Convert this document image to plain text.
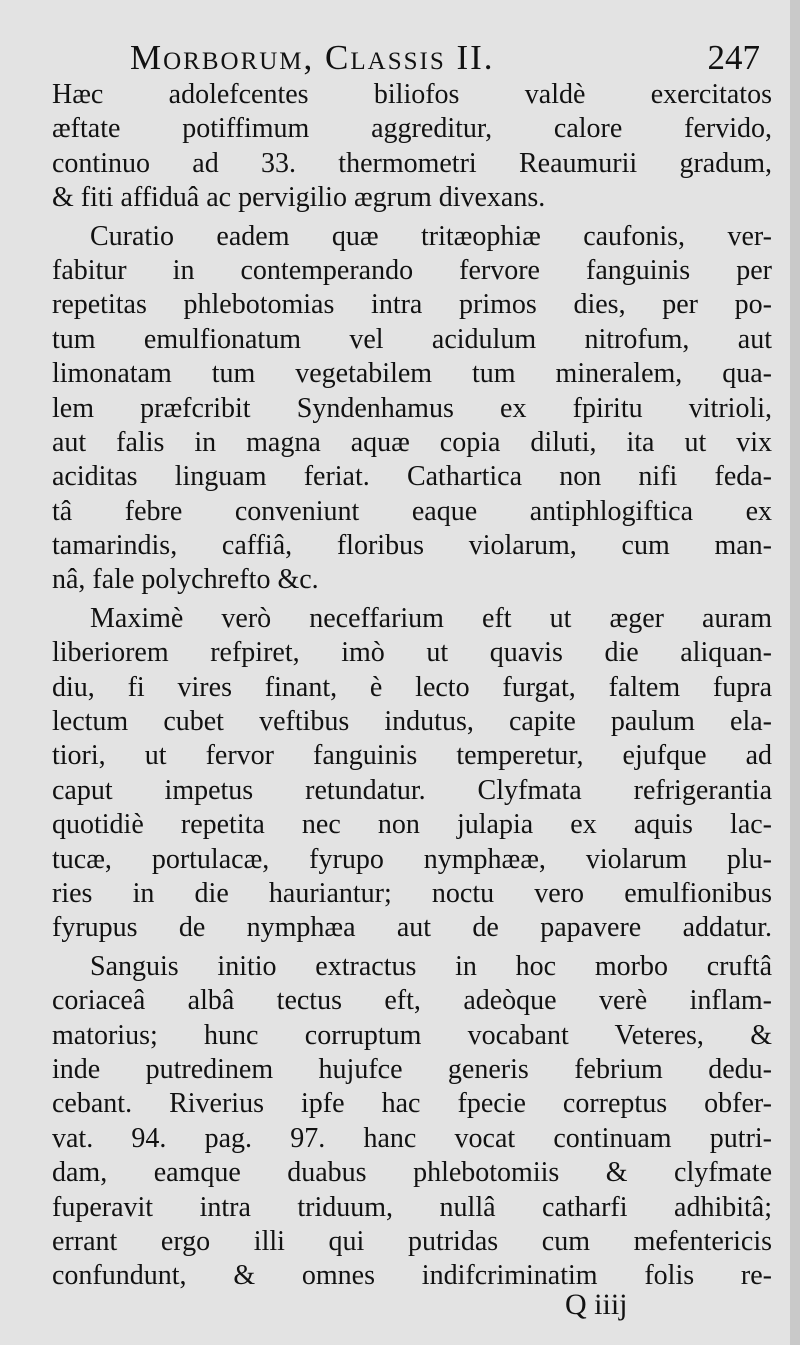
Morborum, Classis II.	247
Hæc adolefcentes biliofos valdè exercitatos
æftate potiffimum aggreditur, calore fervido,
continuo ad 33. thermometri Reaumurii gradum,
& fiti affiduâ ac pervigilio ægrum divexans.
Curatio eadem quæ tritæophiæ caufonis, ver-
fabitur in contemperando fervore fanguinis per
repetitas phlebotomias intra primos dies, per po-
tum emulfionatum vel acidulum nitrofum, aut
limonatam tum vegetabilem tum mineralem, qua-
lem præfcribit Syndenhamus ex fpiritu vitrioli,
aut falis in magna aquæ copia diluti, ita ut vix
aciditas linguam feriat. Cathartica non nifi feda-
tâ febre conveniunt eaque antiphlogiftica ex
tamarindis, caffiâ, floribus violarum, cum man-
nâ, fale polychrefto &c.
Maximè verò neceffarium eft ut æger auram
liberiorem refpiret, imò ut quavis die aliquan-
diu, fi vires finant, è lecto furgat, faltem fupra
lectum cubet veftibus indutus, capite paulum ela-
tiori, ut fervor fanguinis temperetur, ejufque ad
caput impetus retundatur. Clyfmata refrigerantia
quotidiè repetita nec non julapia ex aquis lac-
tucæ, portulacæ, fyrupo nymphææ, violarum plu-
ries in die hauriantur; noctu vero emulfionibus
fyrupus de nymphæa aut de papavere addatur.
Sanguis initio extractus in hoc morbo cruftâ
coriaceâ albâ tectus eft, adeòque verè inflam-
matorius; hunc corruptum vocabant Veteres, &
inde putredinem hujufce generis febrium dedu-
cebant. Riverius ipfe hac fpecie correptus obfer-
vat. 94. pag. 97. hanc vocat continuam putri-
dam, eamque duabus phlebotomiis & clyfmate
fuperavit intra triduum, nullâ catharfi adhibitâ;
errant ergo illi qui putridas cum mefentericis
confundunt, & omnes indifcriminatim folis re-
Q iiij
